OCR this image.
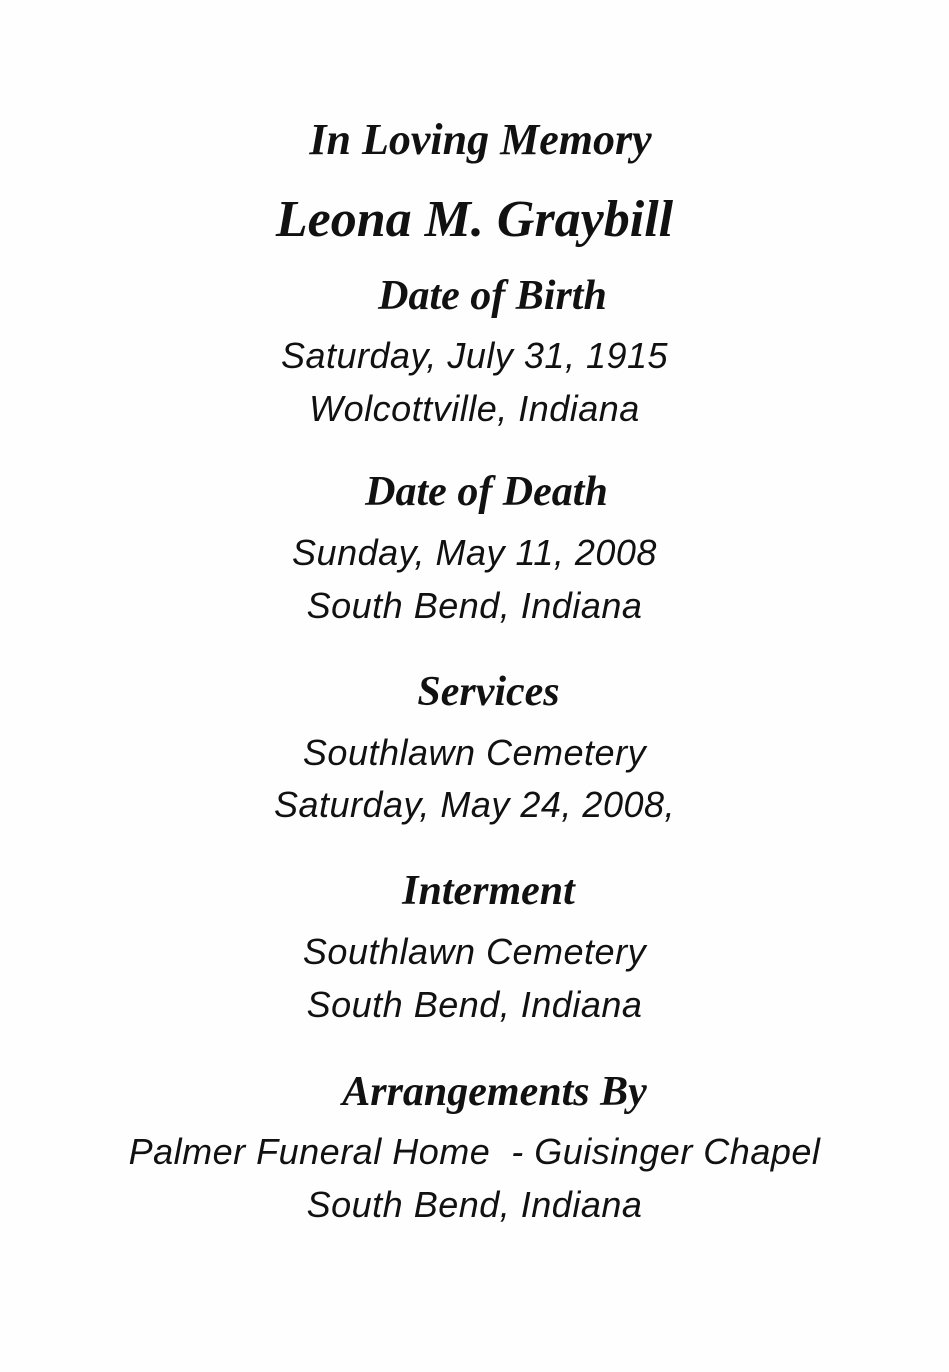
In Loving Memory
Leona M. Graybill
Date of Birth
Saturday, July 31, 1915
Wolcottville, Indiana
Date of Death
Sunday, May 11, 2008
South Bend, Indiana
Services
Southlawn Cemetery
Saturday, May 24, 2008,
Interment
Southlawn Cemetery
South Bend, Indiana
Arrangements By
Palmer Funeral Home  - Guisinger Chapel
South Bend, Indiana
